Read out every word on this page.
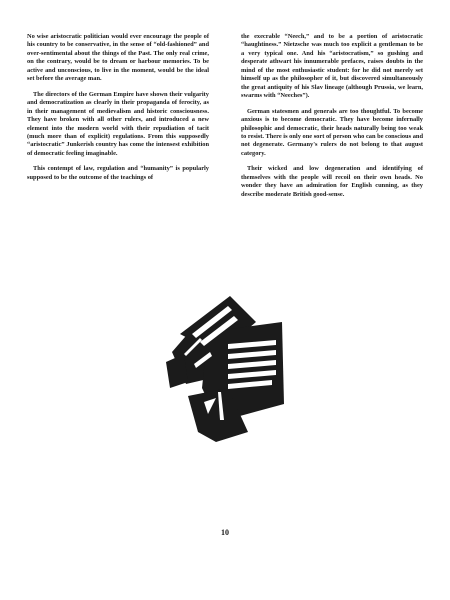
No wise aristocratic politician would ever encourage the people of his country to be conservative, in the sense of “old-fashioned” and over-sentimental about the things of the Past. The only real crime, on the contrary, would be to dream or harbour memories. To be active and unconscious, to live in the moment, would be the ideal set before the average man.

The directors of the German Empire have shown their vulgarity and democratization as clearly in their propaganda of ferocity, as in their management of medievalism and historic consciousness. They have broken with all other rulers, and introduced a new element into the modern world with their repudiation of tacit (much more than of explicit) regulations. From this supposedly “aristocratic” Junkerish country has come the intensest exhibition of democratic feeling imaginable.

This contempt of law, regulation and “humanity” is popularly supposed to be the outcome of the teachings of

the execrable “Neech,” and to be a portion of aristocratic “haughtiness.” Nietzsche was much too explicit a gentleman to be a very typical one. And his “aristocratism,” so gushing and desperate athwart his innumerable prefaces, raises doubts in the mind of the most enthusiastic student: for he did not merely set himself up as the philosopher of it, but discovered simultaneously the great antiquity of his Slav lineage (although Prussia, we learn, swarms with “Neeches”).

German statesmen and generals are too thoughtful. To become anxious is to become democratic. They have become infernally philosophic and democratic, their heads naturally being too weak to resist. There is only one sort of person who can be conscious and not degenerate. Germany's rulers do not belong to that august category.

Their wicked and low degeneration and identifying of themselves with the people will recoil on their own heads. No wonder they have an admiration for English cunning, as they describe moderate British good-sense.

10
